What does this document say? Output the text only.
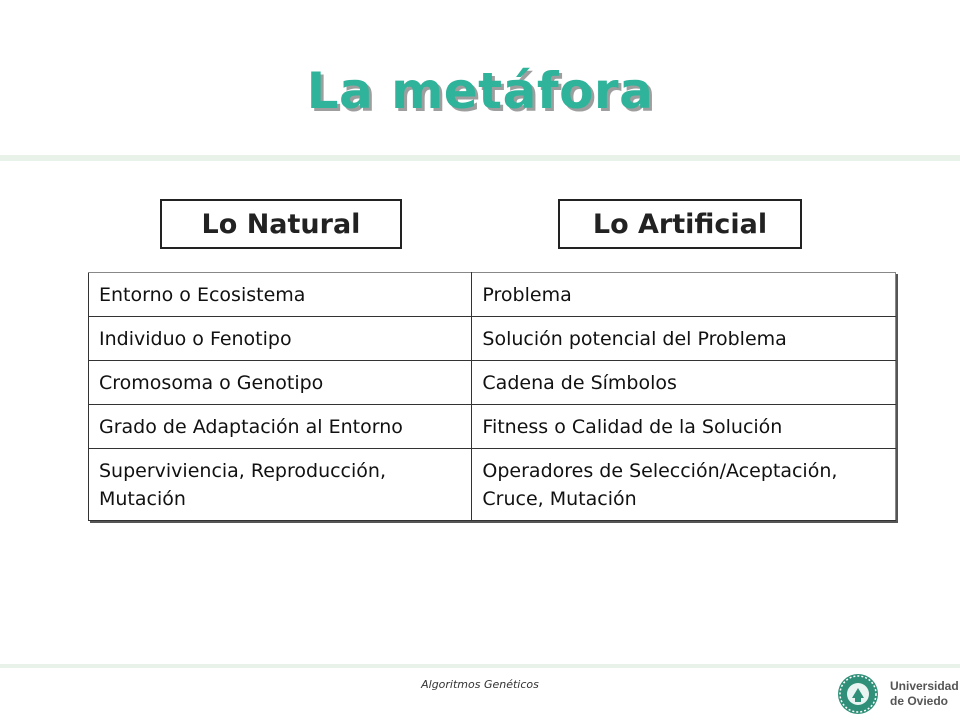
La metáfora
Lo Natural	Lo Artificial
Entorno o Ecosistema	Problema
Individuo o Fenotipo	Solución potencial del Problema
Cromosoma o Genotipo	Cadena de Símbolos
Grado de Adaptación al Entorno	Fitness o Calidad de la Solución
Superviviencia, Reproducción, Mutación	Operadores de Selección/Aceptación, Cruce, Mutación
Algoritmos Genéticos	Universidad
de Oviedo
